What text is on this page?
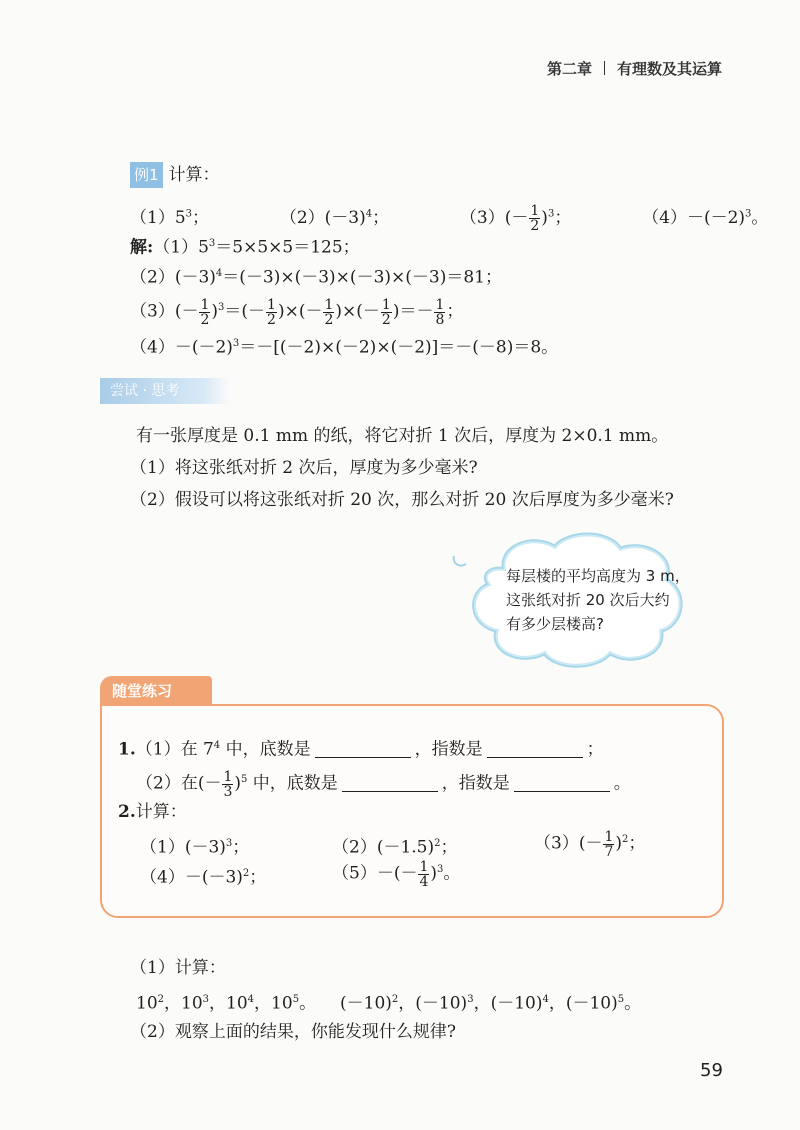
第二章 有理数及其运算
例1 计算：
$(1)5^3$；	$(2)(-3)^4$；	$(3)(- \frac{1}{2} )^3$；	$(4)-(-2)^3$。
解$:(1)5^3=5\times 5\times 5=125$；
$(2)(-3)^4=(-3)\times(-3)\times(-3)\times(-3)=81$；
$(3)(- \frac{1}{2} )^3=(- \frac{1}{2}$ )×(－ $\frac{1}{2}$ )×(－ $\frac{1}{2}$ )＝－ $\frac{1}{8}$ ；
$(4)-(-2)^3=-[(-2)\times(-2)\times(-2)]=-(-8)=8$。
尝试 · 思考
有一张厚度是 0.1 mm 的纸，将它对折 1 次后，厚度为 2×0.1 mm。
（1）将这张纸对折 2 次后，厚度为多少毫米?
（2）假设可以将这张纸对折 20 次，那么对折 20 次后厚度为多少毫米?
每层楼的平均高度为 3 m，
这张纸对折 20 次后大约
有多少层楼高?
随堂练习
1.（1）在 $7^4$ 中，底数是	，指数是	；
（2）在(－ $\frac{1}{3} )^5$ 中，底数是	，指数是	。
2.计算：
$(1)(-3)^3$；	$(2)(-1.5)^2$；	$(3)(- \frac{1}{7} )^2$；
$(4)-(-3)^2$；	$(5)-(- \frac{1}{4} )^3$。
（1）计算：
$10^2$，$10^3$，$10^4$，$10^5$。 $(-10)^2$，$(-10)^3$，$(-10)^4$，$(-10)^5$。
（2）观察上面的结果，你能发现什么规律?
59
